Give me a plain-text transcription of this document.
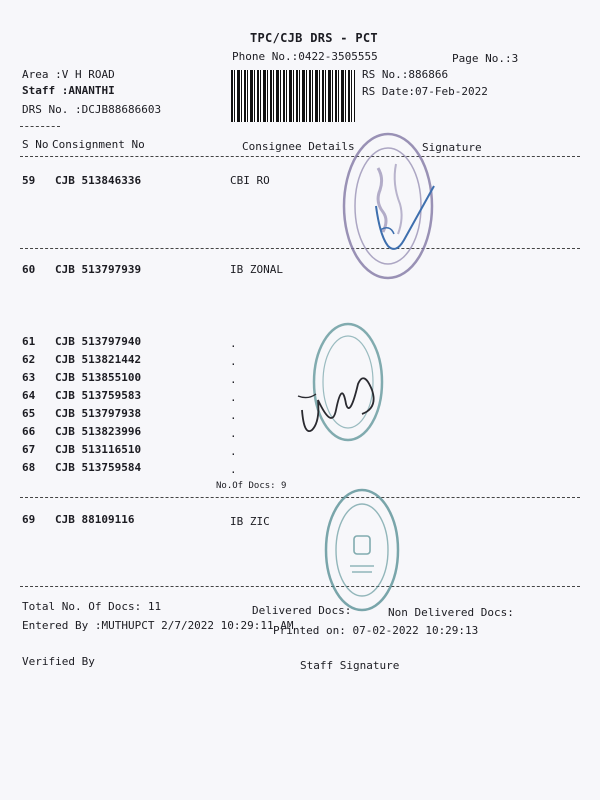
TPC/CJB DRS - PCT
Phone No.:0422-3505555	Page No.:3
Area :V H ROAD
Staff :ANANTHI
DRS No. :DCJB88686603
RS No.:886866
RS Date:07-Feb-2022
S No Consignment No	Consignee Details	Signature
59 CJB 513846336	CBI RO
60 CJB 513797939	IB ZONAL
61 CJB 513797940	.
62 CJB 513821442	.
63 CJB 513855100	.
64 CJB 513759583	.
65 CJB 513797938	.
66 CJB 513823996	.
67 CJB 513116510	.
68 CJB 513759584	.
No.Of Docs: 9
69 CJB 88109116	IB ZIC
Total No. Of Docs: 11	Delivered Docs:	Non Delivered Docs:
Entered By :MUTHUPCT 2/7/2022 10:29:11 AM
Printed on: 07-02-2022 10:29:13
Verified By	Staff Signature
